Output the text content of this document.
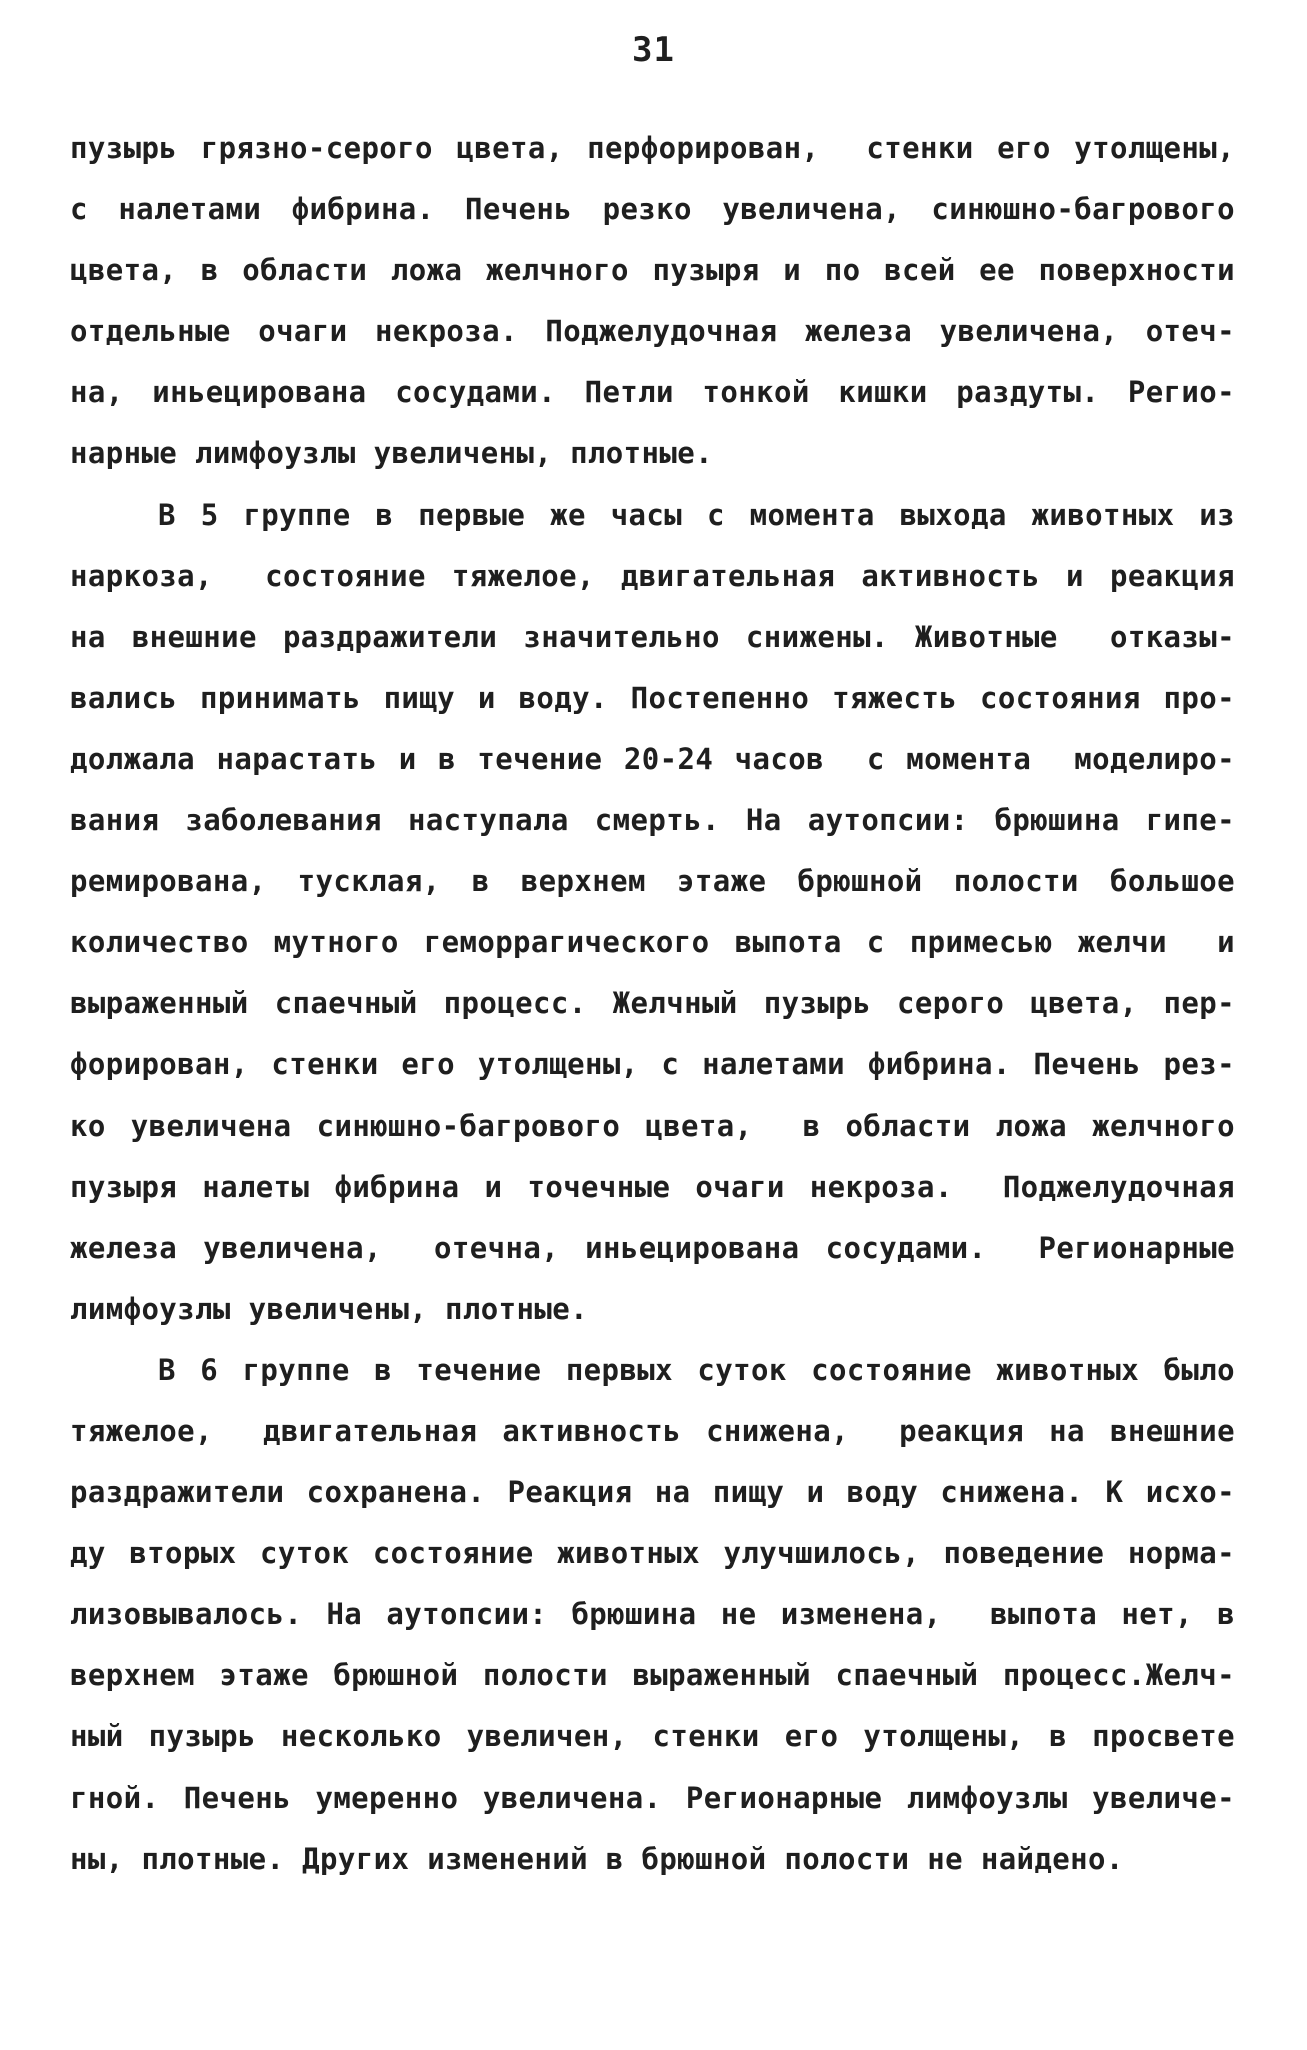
31
пузырь грязно-серого цвета, перфорирован,  стенки его утолщены,
с налетами фибрина. Печень резко увеличена, синюшно-багрового
цвета, в области ложа желчного пузыря и по всей ее поверхности
отдельные очаги некроза. Поджелудочная железа увеличена, отеч-
на, иньецирована сосудами. Петли тонкой кишки раздуты. Регио-
нарные лимфоузлы увеличены, плотные.
В 5 группе в первые же часы с момента выхода животных из
наркоза,  состояние тяжелое, двигательная активность и реакция
на внешние раздражители значительно снижены. Животные  отказы-
вались принимать пищу и воду. Постепенно тяжесть состояния про-
должала нарастать и в течение 20-24 часов  с момента  моделиро-
вания заболевания наступала смерть. На аутопсии: брюшина гипе-
ремирована, тусклая, в верхнем этаже брюшной полости большое
количество мутного геморрагического выпота с примесью желчи  и
выраженный спаечный процесс. Желчный пузырь серого цвета, пер-
форирован, стенки его утолщены, с налетами фибрина. Печень рез-
ко увеличена синюшно-багрового цвета,  в области ложа желчного
пузыря налеты фибрина и точечные очаги некроза.  Поджелудочная
железа увеличена,  отечна, иньецирована сосудами.  Регионарные
лимфоузлы увеличены, плотные.
В 6 группе в течение первых суток состояние животных было
тяжелое,  двигательная активность снижена,  реакция на внешние
раздражители сохранена. Реакция на пищу и воду снижена. К исхо-
ду вторых суток состояние животных улучшилось, поведение норма-
лизовывалось. На аутопсии: брюшина не изменена,  выпота нет, в
верхнем этаже брюшной полости выраженный спаечный процесс.Желч-
ный пузырь несколько увеличен, стенки его утолщены, в просвете
гной. Печень умеренно увеличена. Регионарные лимфоузлы увеличе-
ны, плотные. Других изменений в брюшной полости не найдено.
